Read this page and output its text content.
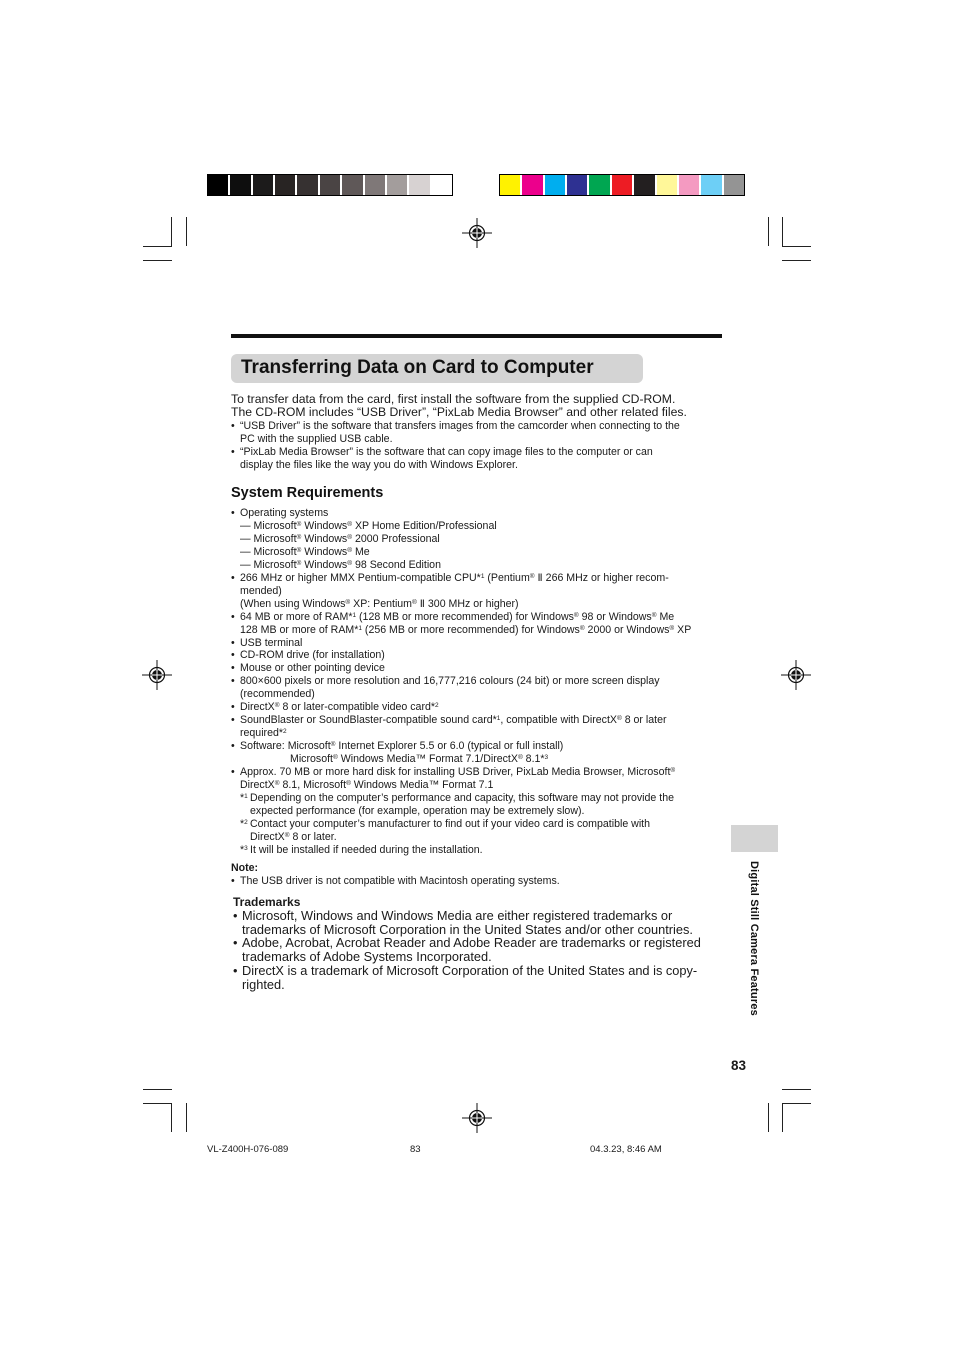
Transferring Data on Card to Computer
To transfer data from the card, first install the software from the supplied CD-ROM.
The CD-ROM includes “USB Driver”, “PixLab Media Browser” and other related files.
• “USB Driver” is the software that transfers images from the camcorder when connecting to the
PC with the supplied USB cable.
• “PixLab Media Browser” is the software that can copy image files to the computer or can
display the files like the way you do with Windows Explorer.
System Requirements
• Operating systems
— Microsoft® Windows® XP Home Edition/Professional
— Microsoft® Windows® 2000 Professional
— Microsoft® Windows® Me
— Microsoft® Windows® 98 Second Edition
• 266 MHz or higher MMX Pentium-compatible CPU*$^1$ (Pentium® Ⅱ 266 MHz or higher recom-
mended)
(When using Windows® XP: Pentium® Ⅱ 300 MHz or higher)
• 64 MB or more of RAM*$^1$ (128 MB or more recommended) for Windows® 98 or Windows® Me
128 MB or more of RAM*$^1$ (256 MB or more recommended) for Windows® 2000 or Windows® XP
• USB terminal
• CD-ROM drive (for installation)
• Mouse or other pointing device
• 800×600 pixels or more resolution and 16,777,216 colours (24 bit) or more screen display
(recommended)
• DirectX® 8 or later-compatible video card*$^2$
• SoundBlaster or SoundBlaster-compatible sound card*$^1$, compatible with DirectX® 8 or later
required*$^2$
• Software: Microsoft® Internet Explorer 5.5 or 6.0 (typical or full install)
Microsoft® Windows Media™ Format 7.1/DirectX® 8.1*$^3$
• Approx. 70 MB or more hard disk for installing USB Driver, PixLab Media Browser, Microsoft®
DirectX® 8.1, Microsoft® Windows Media™ Format 7.1
*$^1$ Depending on the computer’s performance and capacity, this software may not provide the
expected performance (for example, operation may be extremely slow).
*$^2$ Contact your computer’s manufacturer to find out if your video card is compatible with
DirectX® 8 or later.
*$^3$ It will be installed if needed during the installation.
Note:
• The USB driver is not compatible with Macintosh operating systems.
Trademarks
• Microsoft, Windows and Windows Media are either registered trademarks or
trademarks of Microsoft Corporation in the United States and/or other countries.
• Adobe, Acrobat, Acrobat Reader and Adobe Reader are trademarks or registered
trademarks of Adobe Systems Incorporated.
• DirectX is a trademark of Microsoft Corporation of the United States and is copy-
righted.	Digital Still Camera Features
83
VL-Z400H-076-089	83	04.3.23, 8:46 AM
